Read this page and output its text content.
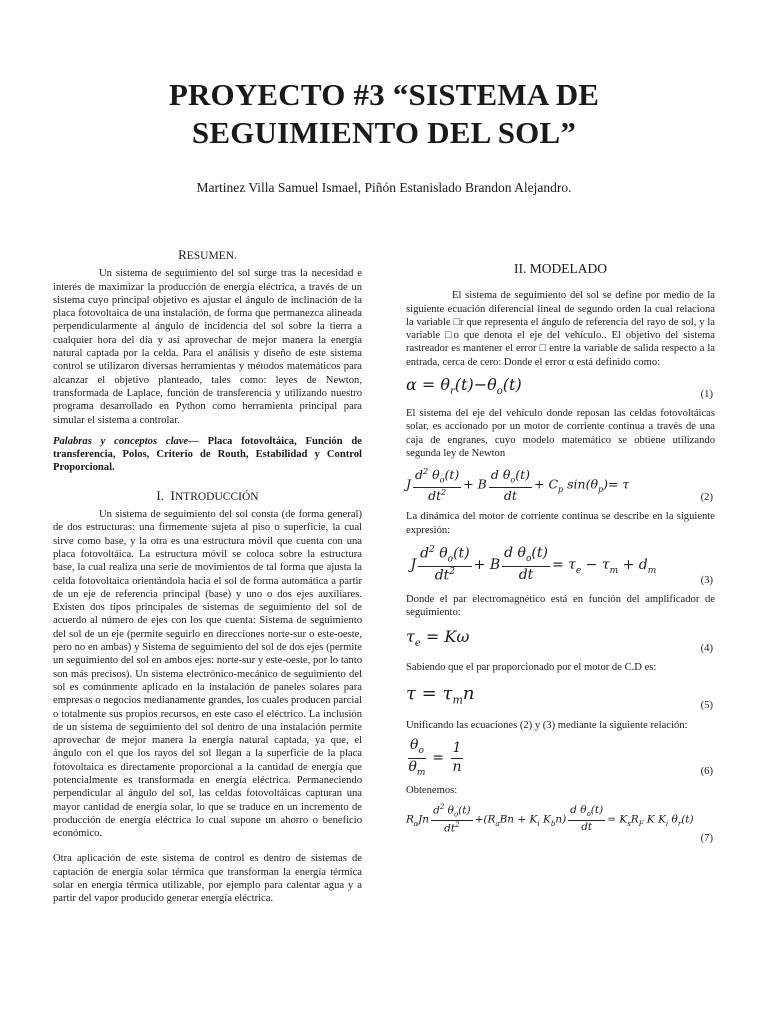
PROYECTO #3 “SISTEMA DE
SEGUIMIENTO DEL SOL”
Martinez Villa Samuel Ismael, Piñón Estanislado Brandon Alejandro.
RESUMEN.

Un sistema de seguimiento del sol surge tras la necesidad e interés de maximizar la producción de energía eléctrica, a través de un sistema cuyo principal objetivo es ajustar el ángulo de inclinación de la placa fotovoltaica de una instalación, de forma que permanezca alineada perpendicularmente al ángulo de incidencia del sol sobre la tierra a cualquier hora del día y así aprovechar de mejor manera la energía natural captada por la celda. Para el análisis y diseño de este sistema control se utilizaron diversas herramientas y métodos matemáticos para alcanzar el objetivo planteado, tales como: leyes de Newton, transformada de Laplace, función de transferencia y utilizando nuestro programa desarrollado en Python como herramienta principal para simular el sistema a controlar.

Palabras y conceptos clave— Placa fotovoltáica, Función de transferencia, Polos, Criterio de Routh, Estabilidad y Control Proporcional.

I. INTRODUCCIÓN

Un sistema de seguimiento del sol consta (de forma general) de dos estructuras: una firmemente sujeta al piso o superficie, la cual sirve como base, y la otra es una estructura móvil que cuenta con una placa fotovoltáica. La estructura móvil se coloca sobre la estructura base, la cual realiza una serie de movimientos de tal forma que ajusta la celda fotovoltaica orientándola hacia el sol de forma automática a partir de un eje de referencia principal (base) y uno o dos ejes auxiliares. Existen dos tipos principales de sistemas de seguimiento del sol de acuerdo al número de ejes con los que cuenta: Sistema de seguimiento del sol de un eje (permite seguirlo en direcciones norte-sur o este-oeste, pero no en ambas) y Sistema de seguimiento del sol de dos ejes (permite un seguimiento del sol en ambos ejes: norte-sur y este-oeste, por lo tanto son más precisos). Un sistema electrónico-mecánico de seguimiento del sol es comúnmente aplicado en la instalación de paneles solares para empresas o negocios medianamente grandes, los cuales producen parcial o totalmente sus propios recursos, en este caso el eléctrico. La inclusión de un sistema de seguimiento del sol dentro de una instalación permite aprovechar de mejor manera la energía natural captada, ya que, el ángulo con el que los rayos del sol llegan a la superficie de la placa fotovoltaica es directamente proporcional a la cantidad de energía que potencialmente es transformada en energía eléctrica. Permaneciendo perpendicular al ángulo del sol, las celdas fotovoltáicas capturan una mayor cantidad de energía solar, lo que se traduce en un incremento de producción de energía eléctrica lo cual supone un ahorro o beneficio económico.

Otra aplicación de este sistema de control es dentro de sistemas de captación de energía solar térmica que transforman la energía térmica solar en energía térmica utilizable, por ejemplo para calentar agua y a partir del vapor producido generar energía eléctrica.

II. MODELADO

El sistema de seguimiento del sol se define por medio de la siguiente ecuación diferencial lineal de segundo orden la cual relaciona la variable □r que representa el ángulo de referencia del rayo de sol, y la variable □o que denota el eje del vehículo.. El objetivo del sistema rastreador es mantener el error □ entre la variable de salida respecto a la entrada, cerca de cero: Donde el error α está definido como:

$\alpha = \theta_r(t)-\theta_o(t)$
(1)

El sistema del eje del vehículo donde reposan las celdas fotovoltáicas solar, es accionado por un motor de corriente continua a través de una caja de engranes, cuyo modelo matemático se obtiene utilizando segunda ley de Newton

J $\frac{d^2 \theta_o(t)}{dt^2} + B \frac{d \theta_o(t)}{dt} + C_p$ $\sin(\theta_p)= \tau$
(2)

La dinámica del motor de corriente continua se describe en la siguiente expresión:

J $\frac{d^2 \theta_o(t)}{dt^2} + B \frac{d \theta_o(t)}{dt} = \tau_e - \tau_m + d_m$
(3)

Donde el par electromagnético está en función del amplificador de seguimiento:

$\tau_e = K\omega$
(4)

Sabiendo que el par proporcionado por el motor de C.D es:

$\tau = \tau_mn$
(5)

Unificando las ecuaciones (2) y (3) mediante la siguiente relación:

$\frac{\theta_o}{\theta_m} = \frac{1}{n}$	(6)

Obtenemos:

$R_aJn \frac{d^2 \theta_o(t)}{dt^2} +(R_aBn + K_i$ $K_bn) \frac{d \theta_o(t)}{dt} = K_sR_F$ K $K_i$ $\theta_r(t)$
(7)
